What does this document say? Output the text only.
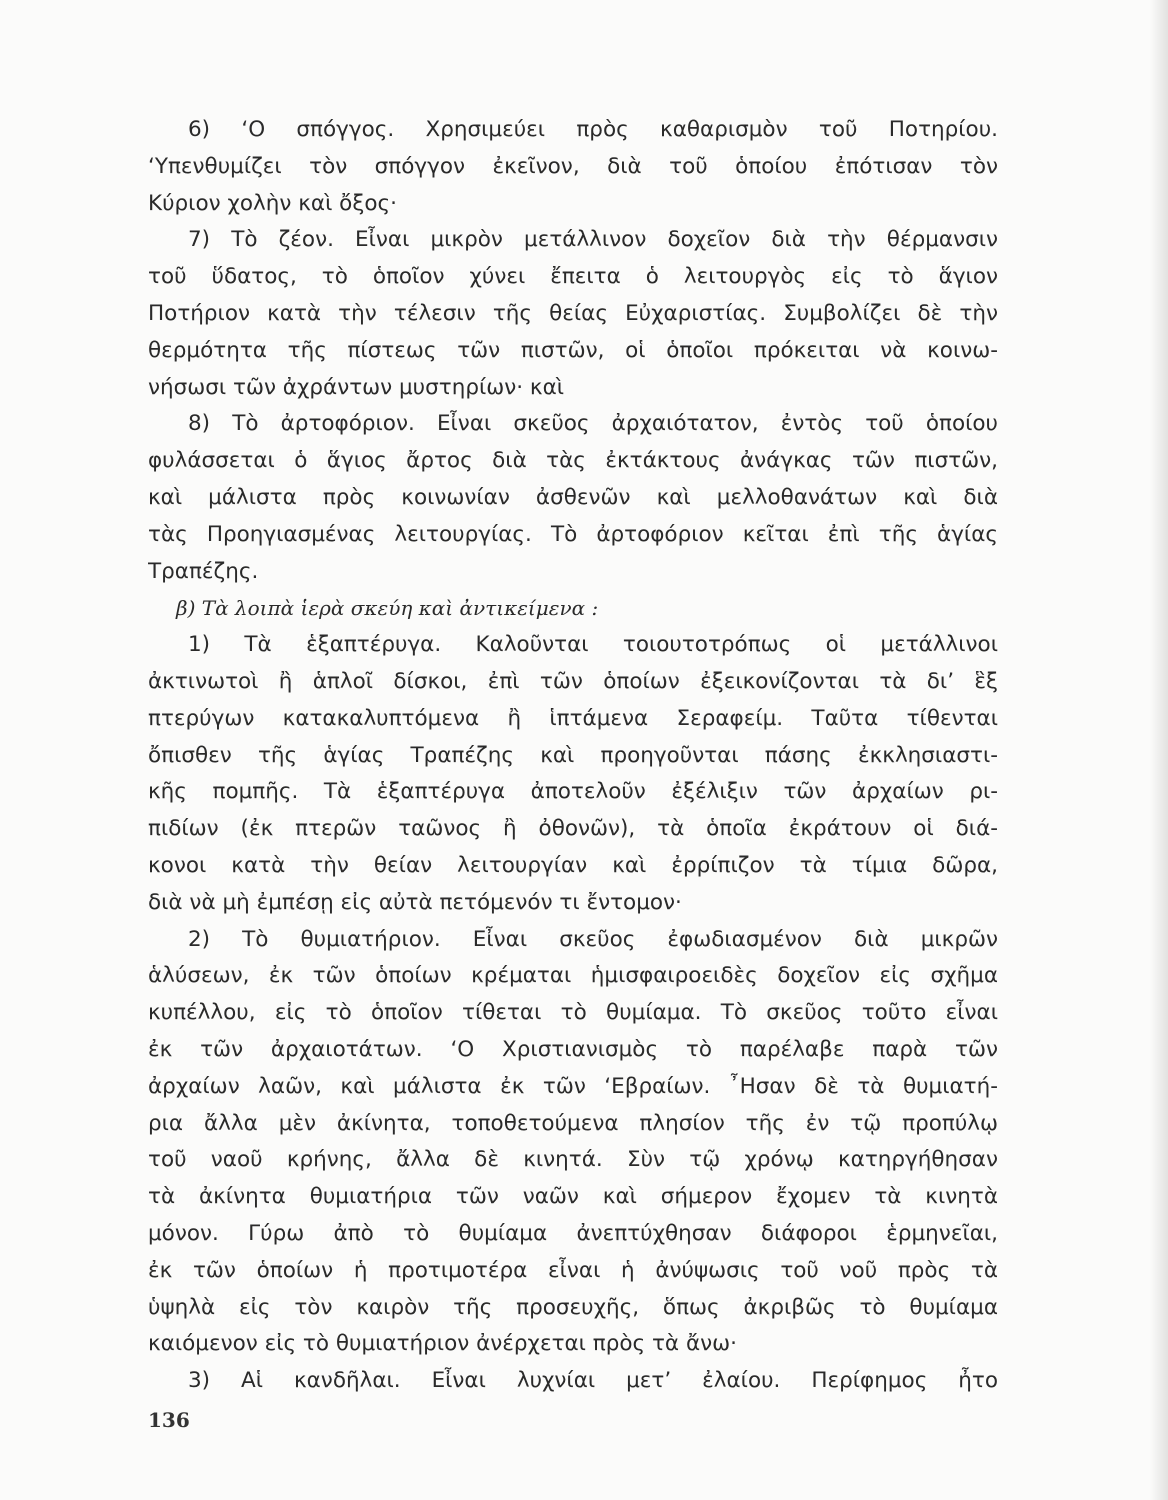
6) ‘Ο σπόγγος. Χρησιμεύει πρὸς καθαρισμὸν τοῦ Ποτηρίου.
‘Υπενθυμίζει τὸν σπόγγον ἐκεῖνον, διὰ τοῦ ὁποίου ἐπότισαν τὸν
Κύριον χολὴν καὶ ὄξος·
7) Τὸ ζέον. Εἶναι μικρὸν μετάλλινον δοχεῖον διὰ τὴν θέρμανσιν
τοῦ ὕδατος, τὸ ὁποῖον χύνει ἔπειτα ὁ λειτουργὸς εἰς τὸ ἅγιον
Ποτήριον κατὰ τὴν τέλεσιν τῆς θείας Εὐχαριστίας. Συμβολίζει δὲ τὴν
θερμότητα τῆς πίστεως τῶν πιστῶν, οἱ ὁποῖοι πρόκειται νὰ κοινω-
νήσωσι τῶν ἀχράντων μυστηρίων· καὶ
8) Τὸ ἀρτοφόριον. Εἶναι σκεῦος ἀρχαιότατον, ἐντὸς τοῦ ὁποίου
φυλάσσεται ὁ ἅγιος ἄρτος διὰ τὰς ἐκτάκτους ἀνάγκας τῶν πιστῶν,
καὶ μάλιστα πρὸς κοινωνίαν ἀσθενῶν καὶ μελλοθανάτων καὶ διὰ
τὰς Προηγιασμένας λειτουργίας. Τὸ ἀρτοφόριον κεῖται ἐπὶ τῆς ἁγίας
Τραπέζης.
β) Τὰ λοιπὰ ἱερὰ σκεύη καὶ ἀντικείμενα :
1) Τὰ ἑξαπτέρυγα. Καλοῦνται τοιουτοτρόπως οἱ μετάλλινοι
ἀκτινωτοὶ ἢ ἁπλοῖ δίσκοι, ἐπὶ τῶν ὁποίων ἐξεικονίζονται τὰ δι’ ἓξ
πτερύγων κατακαλυπτόμενα ἢ ἱπτάμενα Σεραφείμ. Ταῦτα τίθενται
ὄπισθεν τῆς ἁγίας Τραπέζης καὶ προηγοῦνται πάσης ἐκκλησιαστι-
κῆς πομπῆς. Τὰ ἑξαπτέρυγα ἀποτελοῦν ἐξέλιξιν τῶν ἀρχαίων ρι-
πιδίων (ἐκ πτερῶν ταῶνος ἢ ὀθονῶν), τὰ ὁποῖα ἐκράτουν οἱ διά-
κονοι κατὰ τὴν θείαν λειτουργίαν καὶ ἐρρίπιζον τὰ τίμια δῶρα,
διὰ νὰ μὴ ἐμπέσῃ εἰς αὐτὰ πετόμενόν τι ἔντομον·
2) Τὸ θυμιατήριον. Εἶναι σκεῦος ἐφωδιασμένον διὰ μικρῶν
ἁλύσεων, ἐκ τῶν ὁποίων κρέμαται ἡμισφαιροειδὲς δοχεῖον εἰς σχῆμα
κυπέλλου, εἰς τὸ ὁποῖον τίθεται τὸ θυμίαμα. Τὸ σκεῦος τοῦτο εἶναι
ἐκ τῶν ἀρχαιοτάτων. ‘Ο Χριστιανισμὸς τὸ παρέλαβε παρὰ τῶν
ἀρχαίων λαῶν, καὶ μάλιστα ἐκ τῶν ‘Εβραίων. ῏Ησαν δὲ τὰ θυμιατή-
ρια ἄλλα μὲν ἀκίνητα, τοποθετούμενα πλησίον τῆς ἐν τῷ προπύλῳ
τοῦ ναοῦ κρήνης, ἄλλα δὲ κινητά. Σὺν τῷ χρόνῳ κατηργήθησαν
τὰ ἀκίνητα θυμιατήρια τῶν ναῶν καὶ σήμερον ἔχομεν τὰ κινητὰ
μόνον. Γύρω ἀπὸ τὸ θυμίαμα ἀνεπτύχθησαν διάφοροι ἑρμηνεῖαι,
ἐκ τῶν ὁποίων ἡ προτιμοτέρα εἶναι ἡ ἀνύψωσις τοῦ νοῦ πρὸς τὰ
ὑψηλὰ εἰς τὸν καιρὸν τῆς προσευχῆς, ὅπως ἀκριβῶς τὸ θυμίαμα
καιόμενον εἰς τὸ θυμιατήριον ἀνέρχεται πρὸς τὰ ἄνω·
3) Αἱ κανδῆλαι. Εἶναι λυχνίαι μετ’ ἐλαίου. Περίφημος ἦτο
136
